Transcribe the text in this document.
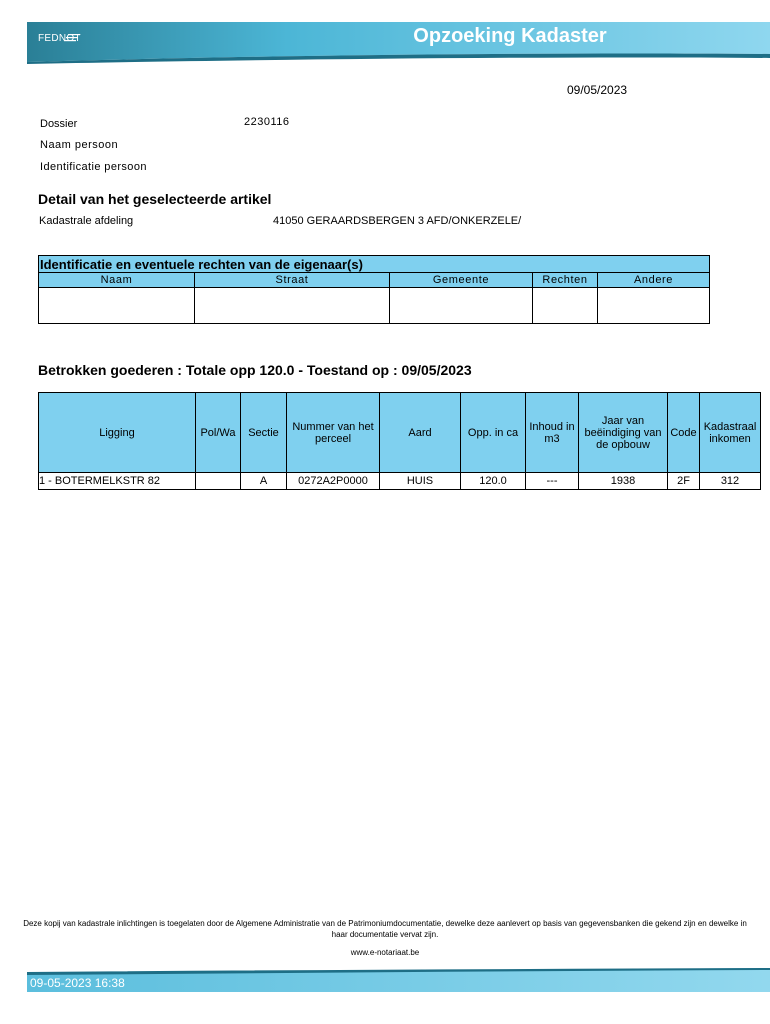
FEDNOT	Opzoeking Kadaster
09/05/2023
Dossier	2230116
Naam persoon
Identificatie persoon
Detail van het geselecteerde artikel
Kadastrale afdeling	41050 GERAARDSBERGEN 3 AFD/ONKERZELE/
Identificatie en eventuele rechten van de eigenaar(s)				
Naam	Straat	Gemeente	Rechten	Andere

Betrokken goederen : Totale opp 120.0 - Toestand op : 09/05/2023
Ligging	Pol/Wa	Sectie	Nummer van het perceel	Aard	Opp. in ca	Inhoud in m3	Jaar van beëindiging van de opbouw	Code	Kadastraal inkomen
1 - BOTERMELKSTR 82		A	0272A2P0000	HUIS	120.0	---	1938	2F	312
Deze kopij van kadastrale inlichtingen is toegelaten door de Algemene Administratie van de Patrimoniumdocumentatie, dewelke deze aanlevert op basis van gegevensbanken die gekend zijn en dewelke in haar documentatie vervat zijn.
www.e-notariaat.be
09-05-2023 16:38
